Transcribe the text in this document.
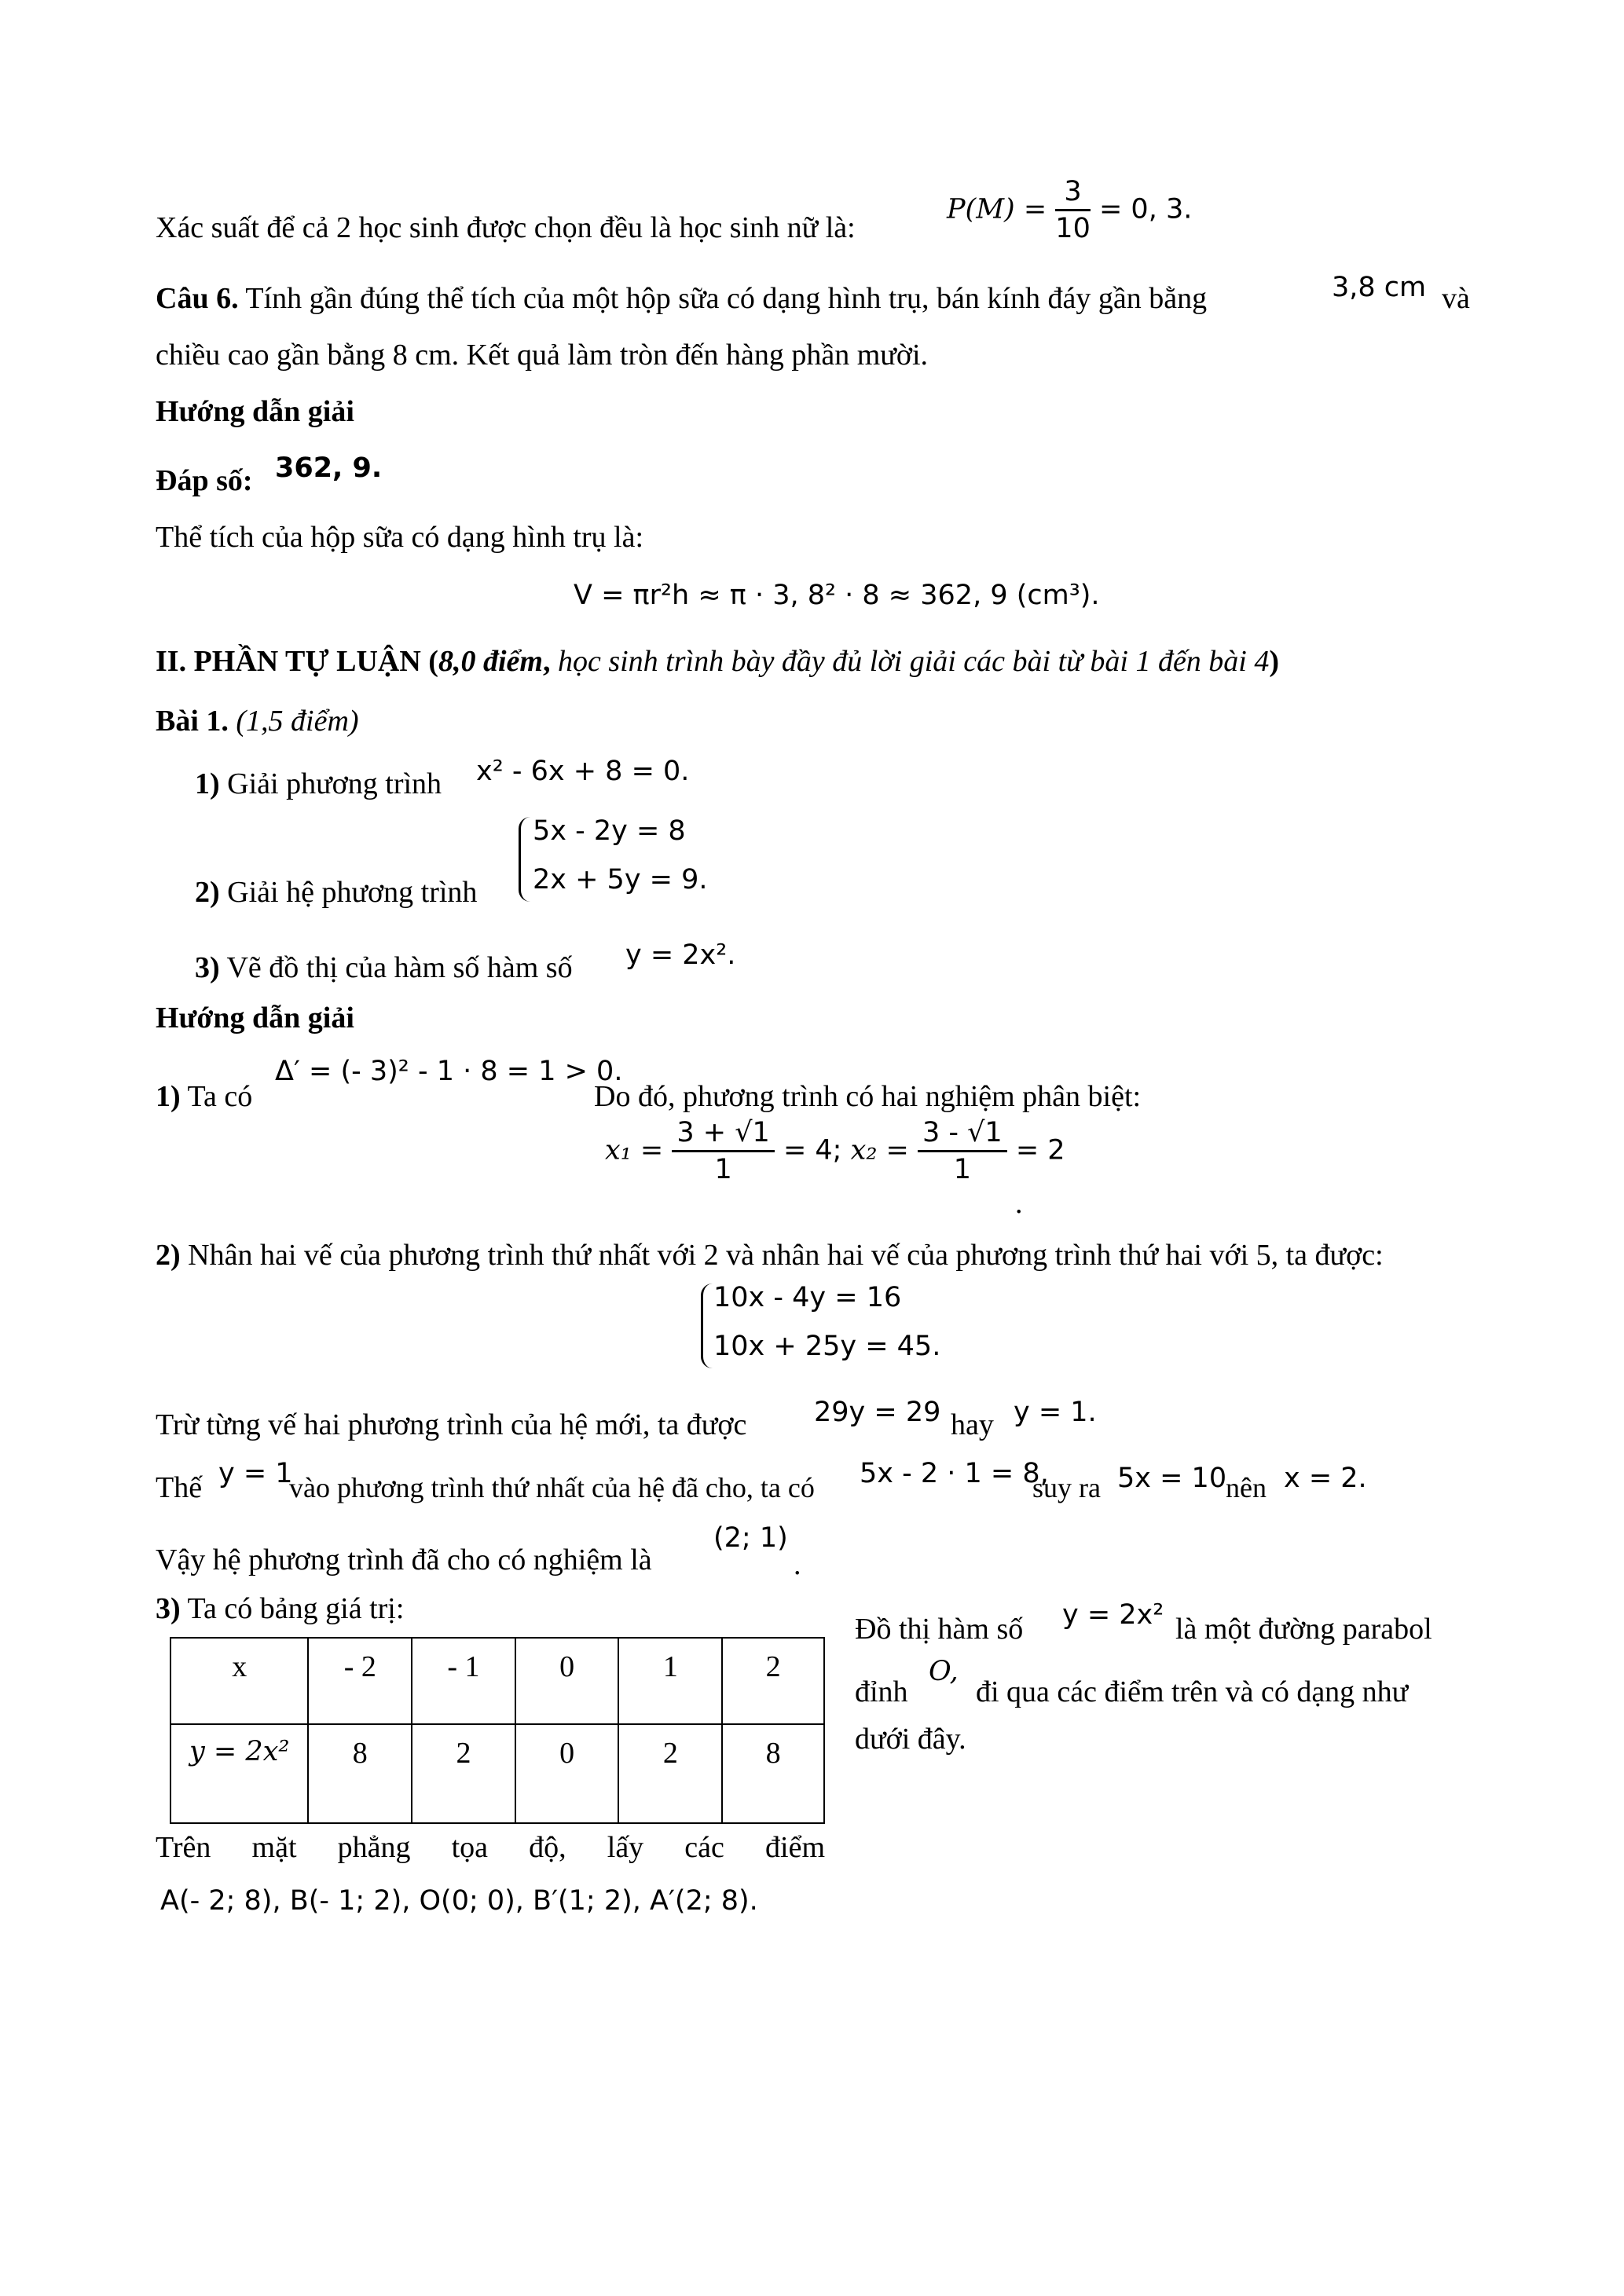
Xác suất để cả 2 học sinh được chọn đều là học sinh nữ là:
$P(M) = \frac{3}{10} = 0$, 3.
Câu 6. Tính gần đúng thể tích của một hộp sữa có dạng hình trụ, bán kính đáy gần bằng	3,8 cm và
chiều cao gần bằng 8 cm. Kết quả làm tròn đến hàng phần mười.
Hướng dẫn giải
Đáp số: 362, 9.
Thể tích của hộp sữa có dạng hình trụ là:
V = πr²h ≈ π · 3, 8² · 8 ≈ 362, 9 (cm³).
II. PHẦN TỰ LUẬN (8,0 điểm, học sinh trình bày đầy đủ lời giải các bài từ bài 1 đến bài 4)
Bài 1. (1,5 điểm)
1) Giải phương trình x² - 6x + 8 = 0.
2) Giải hệ phương trình
5x - 2y = 8
2x + 5y = 9.
3) Vẽ đồ thị của hàm số hàm số y = 2x².
Hướng dẫn giải
1) Ta có
Δ′ = (- 3)² - 1 · 8 = 1 > 0.
Do đó, phương trình có hai nghiệm phân biệt:
$x_1 = \frac{3 + √1}{1} = 4$; $x_2 = \frac{3 - √1}{1} = 2$
.
2) Nhân hai vế của phương trình thứ nhất với 2 và nhân hai vế của phương trình thứ hai với 5, ta được:
10x - 4y = 16
10x + 25y = 45.
Trừ từng vế hai phương trình của hệ mới, ta được 29y = 29 hay y = 1.
Thế y = 1
vào phương trình thứ nhất của hệ đã cho, ta có 5x - 2 · 1 = 8,
suy ra 5x = 10
nên x = 2.
Vậy hệ phương trình đã cho có nghiệm là
(2; 1)
.
3) Ta có bảng giá trị:
x	- 2	- 1	0	1	2
y = 2x²	8	2	0	2	8
Đồ thị hàm số y = 2x² là một đường parabol
đỉnh
O,
đi qua các điểm trên và có dạng như
dưới đây.
Trên mặt phẳng tọa độ, lấy các điểm
A(- 2; 8), B(- 1; 2), O(0; 0), B′(1; 2), A′(2; 8).
